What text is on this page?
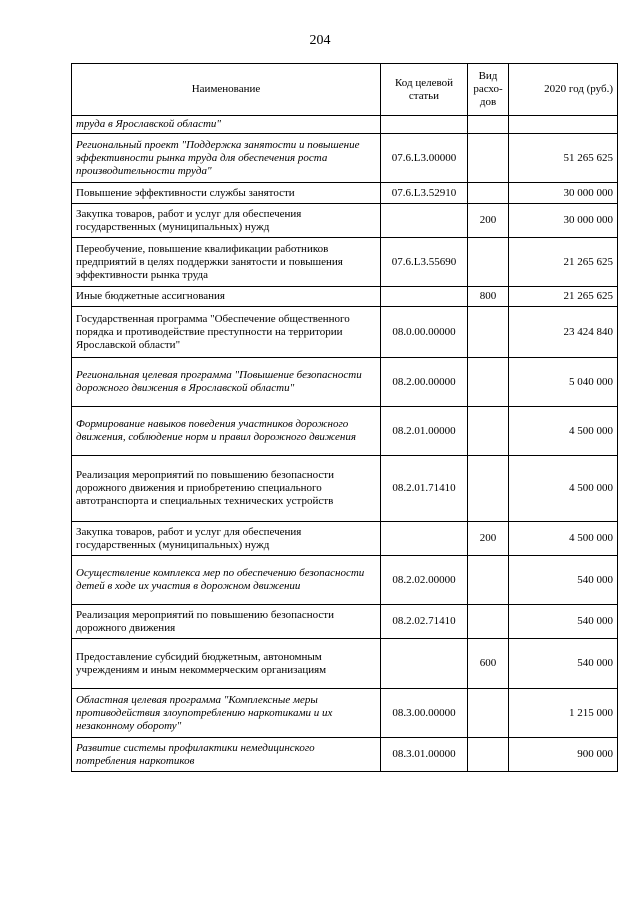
204
Наименование	Код целевой статьи	Вид расхо-дов	2020 год (руб.)
труда в Ярославской области"			
Региональный проект "Поддержка занятости и повышение эффективности рынка труда для обеспечения роста производительности труда"	07.6.L3.00000		51 265 625
Повышение эффективности службы занятости	07.6.L3.52910		30 000 000
Закупка товаров, работ и услуг для обеспечения государственных (муниципальных) нужд		200	30 000 000
Переобучение, повышение квалификации работников предприятий в целях поддержки занятости и повышения эффективности рынка труда	07.6.L3.55690		21 265 625
Иные бюджетные ассигнования		800	21 265 625
Государственная программа "Обеспечение общественного порядка и противодействие преступности на территории Ярославской области"	08.0.00.00000		23 424 840
Региональная целевая программа "Повышение безопасности дорожного движения в Ярославской области"	08.2.00.00000		5 040 000
Формирование навыков поведения участников дорожного движения, соблюдение норм и правил дорожного движения	08.2.01.00000		4 500 000
Реализация мероприятий по повышению безопасности дорожного движения и приобретению специального автотранспорта и специальных технических устройств	08.2.01.71410		4 500 000
Закупка товаров, работ и услуг для обеспечения государственных (муниципальных) нужд		200	4 500 000
Осуществление комплекса мер по обеспечению безопасности детей в ходе их участия в дорожном движении	08.2.02.00000		540 000
Реализация мероприятий по повышению безопасности дорожного движения	08.2.02.71410		540 000
Предоставление субсидий бюджетным, автономным учреждениям и иным некоммерческим организациям		600	540 000
Областная целевая программа "Комплексные меры противодействия злоупотреблению наркотиками и их незаконному обороту"	08.3.00.00000		1 215 000
Развитие системы профилактики немедицинского потребления наркотиков	08.3.01.00000		900 000
